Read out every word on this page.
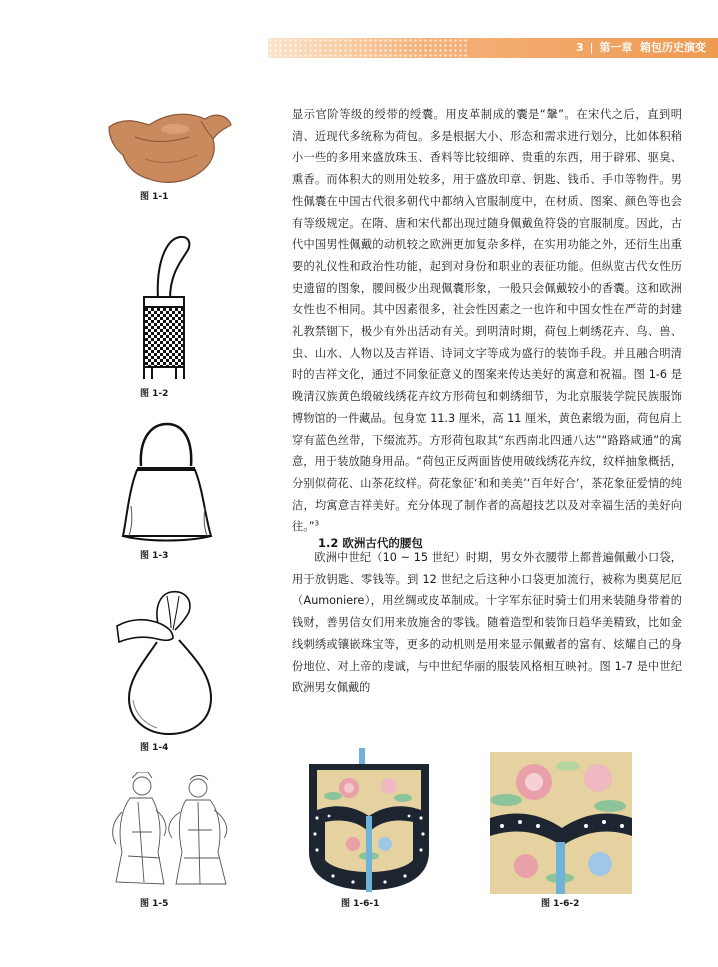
3 | 第一章 箱包历史演变

显示官阶等级的绶带的绶囊。用皮革制成的囊是“鞶”。在宋代之后，直到明清、近现代多统称为荷包。多是根据大小、形态和需求进行划分，比如体积稍小一些的多用来盛放珠玉、香料等比较细碎、贵重的东西，用于辟邪、驱臭、熏香。而体积大的则用处较多，用于盛放印章、钥匙、钱币、手巾等物件。男性佩囊在中国古代很多朝代中都纳入官服制度中，在材质、图案、颜色等也会有等级规定。在隋、唐和宋代都出现过随身佩戴鱼符袋的官服制度。因此，古代中国男性佩戴的动机较之欧洲更加复杂多样，在实用功能之外，还衍生出重要的礼仪性和政治性功能，起到对身份和职业的表征功能。但纵览古代女性历史遗留的图象，腰间极少出现佩囊形象，一般只会佩戴较小的香囊。这和欧洲女性也不相同。其中因素很多，社会性因素之一也许和中国女性在严苛的封建礼教禁锢下，极少有外出活动有关。到明清时期，荷包上刺绣花卉、鸟、兽、虫、山水、人物以及吉祥语、诗词文字等成为盛行的装饰手段。并且融合明清时的吉祥文化，通过不同象征意义的图案来传达美好的寓意和祝福。图 1-6 是晚清汉族黄色缎破线绣花卉纹方形荷包和刺绣细节，为北京服装学院民族服饰博物馆的一件藏品。包身宽 11.3 厘米，高 11 厘米，黄色素缎为面，荷包肩上穿有蓝色丝带，下缀流苏。方形荷包取其“东西南北四通八达”“路路咸通”的寓意，用于装放随身用品。“荷包正反两面皆使用破线绣花卉纹，纹样抽象概括，分别似荷花、山茶花纹样。荷花象征‘和和美美’‘百年好合’，茶花象征爱情的纯洁，均寓意吉祥美好。充分体现了制作者的高超技艺以及对幸福生活的美好向往。”$^3$

1.2 欧洲古代的腰包

欧洲中世纪（10 ~ 15 世纪）时期，男女外衣腰带上都普遍佩戴小口袋，用于放钥匙、零钱等。到 12 世纪之后这种小口袋更加流行，被称为奥莫尼厄（Aumoniere），用丝绸或皮革制成。十字军东征时骑士们用来装随身带着的钱财，善男信女们用来放施舍的零钱。随着造型和装饰日趋华美精致，比如金线刺绣或镶嵌珠宝等，更多的动机则是用来显示佩戴者的富有、炫耀自己的身份地位、对上帝的虔诚，与中世纪华丽的服装风格相互映衬。图 1-7 是中世纪欧洲男女佩戴的

图 1-1
图 1-2
图 1-3
图 1-4
图 1-5	图 1-6-1	图 1-6-2
